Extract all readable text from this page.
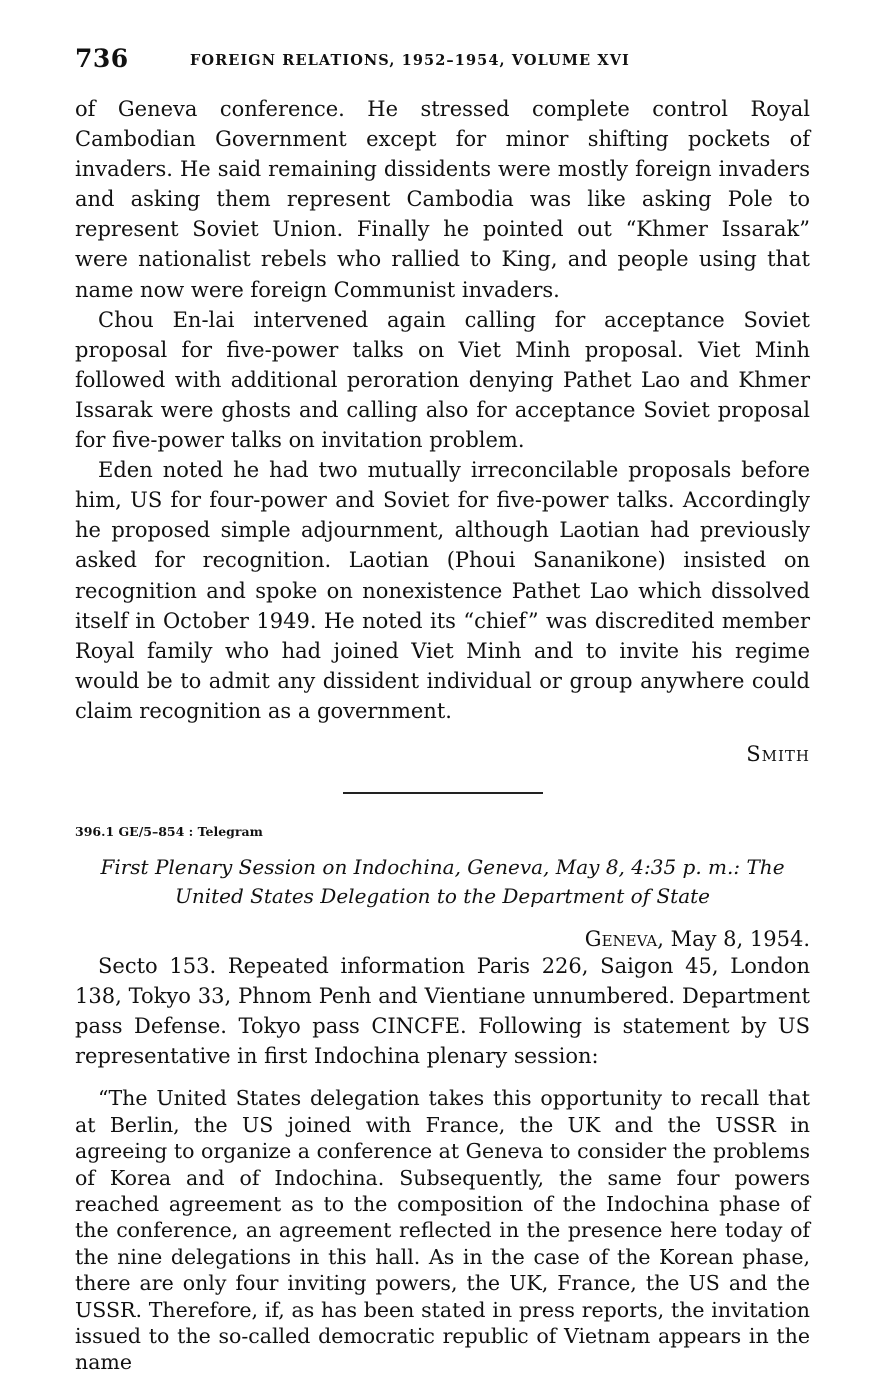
736	FOREIGN RELATIONS, 1952–1954, VOLUME XVI

of Geneva conference. He stressed complete control Royal Cambodian Government except for minor shifting pockets of invaders. He said remaining dissidents were mostly foreign invaders and asking them represent Cambodia was like asking Pole to represent Soviet Union. Finally he pointed out “Khmer Issarak” were nationalist rebels who rallied to King, and people using that name now were foreign Communist invaders.

Chou En-lai intervened again calling for acceptance Soviet proposal for five-power talks on Viet Minh proposal. Viet Minh followed with additional peroration denying Pathet Lao and Khmer Issarak were ghosts and calling also for acceptance Soviet proposal for five-power talks on invitation problem.

Eden noted he had two mutually irreconcilable proposals before him, US for four-power and Soviet for five-power talks. Accordingly he proposed simple adjournment, although Laotian had previously asked for recognition. Laotian (Phoui Sananikone) insisted on recognition and spoke on nonexistence Pathet Lao which dissolved itself in October 1949. He noted its “chief” was discredited member Royal family who had joined Viet Minh and to invite his regime would be to admit any dissident individual or group anywhere could claim recognition as a government.

Smith
396.1 GE/5–854 : Telegram
First Plenary Session on Indochina, Geneva, May 8, 4:35 p. m.: The United States Delegation to the Department of State
Geneva, May 8, 1954.

Secto 153. Repeated information Paris 226, Saigon 45, London 138, Tokyo 33, Phnom Penh and Vientiane unnumbered. Department pass Defense. Tokyo pass CINCFE. Following is statement by US representative in first Indochina plenary session:

“The United States delegation takes this opportunity to recall that at Berlin, the US joined with France, the UK and the USSR in agreeing to organize a conference at Geneva to consider the problems of Korea and of Indochina. Subsequently, the same four powers reached agreement as to the composition of the Indochina phase of the conference, an agreement reflected in the presence here today of the nine delegations in this hall. As in the case of the Korean phase, there are only four inviting powers, the UK, France, the US and the USSR. Therefore, if, as has been stated in press reports, the invitation issued to the so-called democratic republic of Vietnam appears in the name
